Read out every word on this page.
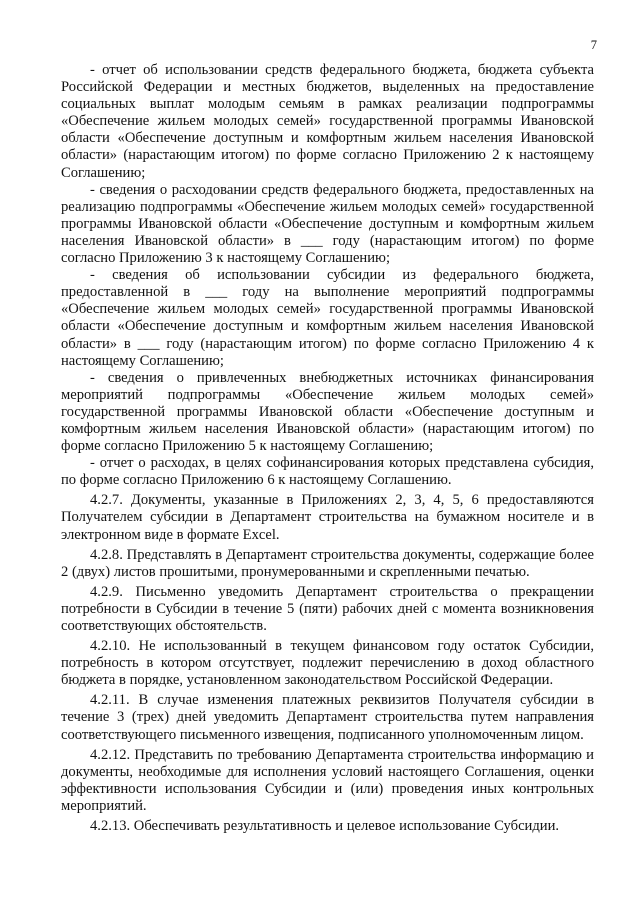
7

- отчет об использовании средств федерального бюджета, бюджета субъекта Российской Федерации и местных бюджетов, выделенных на предоставление социальных выплат молодым семьям в рамках реализации подпрограммы «Обеспечение жильем молодых семей» государственной программы Ивановской области «Обеспечение доступным и комфортным жильем населения Ивановской области» (нарастающим итогом) по форме согласно Приложению 2 к настоящему Соглашению;

- сведения о расходовании средств федерального бюджета, предоставленных на реализацию подпрограммы «Обеспечение жильем молодых семей» государственной программы Ивановской области «Обеспечение доступным и комфортным жильем населения Ивановской области» в ___ году (нарастающим итогом) по форме согласно Приложению 3 к настоящему Соглашению;

- сведения об использовании субсидии из федерального бюджета, предоставленной в ___ году на выполнение мероприятий подпрограммы «Обеспечение жильем молодых семей» государственной программы Ивановской области «Обеспечение доступным и комфортным жильем населения Ивановской области» в ___ году (нарастающим итогом) по форме согласно Приложению 4 к настоящему Соглашению;

- сведения о привлеченных внебюджетных источниках финансирования мероприятий подпрограммы «Обеспечение жильем молодых семей» государственной программы Ивановской области «Обеспечение доступным и комфортным жильем населения Ивановской области» (нарастающим итогом) по форме согласно Приложению 5 к настоящему Соглашению;

- отчет о расходах, в целях софинансирования которых представлена субсидия, по форме согласно Приложению 6 к настоящему Соглашению.

4.2.7. Документы, указанные в Приложениях 2, 3, 4, 5, 6 предоставляются Получателем субсидии в Департамент строительства на бумажном носителе и в электронном виде в формате Excel.

4.2.8. Представлять в Департамент строительства документы, содержащие более 2 (двух) листов прошитыми, пронумерованными и скрепленными печатью.

4.2.9. Письменно уведомить Департамент строительства о прекращении потребности в Субсидии в течение 5 (пяти) рабочих дней с момента возникновения соответствующих обстоятельств.

4.2.10. Не использованный в текущем финансовом году остаток Субсидии, потребность в котором отсутствует, подлежит перечислению в доход областного бюджета в порядке, установленном законодательством Российской Федерации.

4.2.11. В случае изменения платежных реквизитов Получателя субсидии в течение 3 (трех) дней уведомить Департамент строительства путем направления соответствующего письменного извещения, подписанного уполномоченным лицом.

4.2.12. Представить по требованию Департамента строительства информацию и документы, необходимые для исполнения условий настоящего Соглашения, оценки эффективности использования Субсидии и (или) проведения иных контрольных мероприятий.

4.2.13. Обеспечивать результативность и целевое использование Субсидии.
